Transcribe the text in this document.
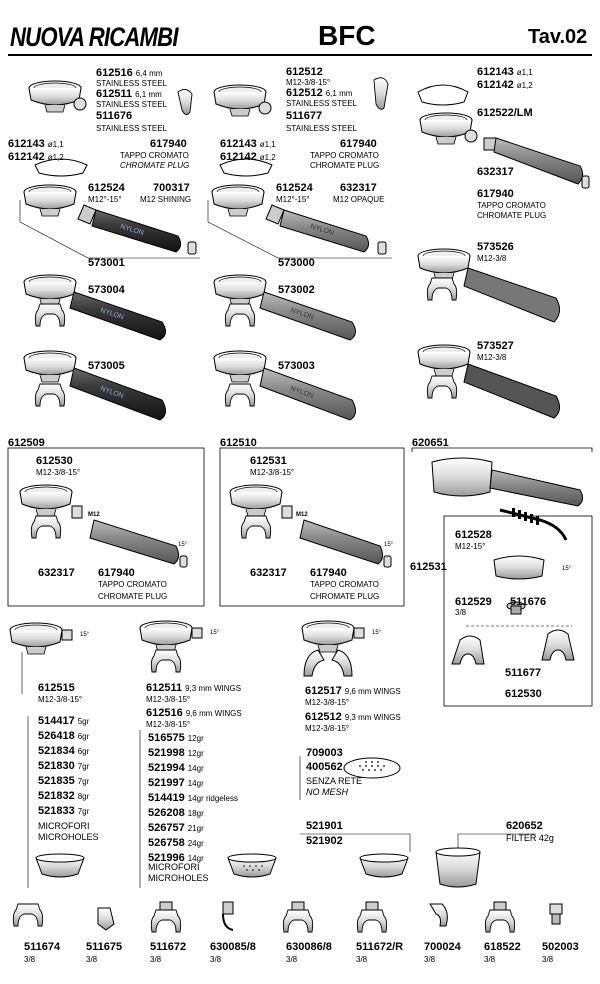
NUOVA RICAMBI	BFC	Tav.02
NYLON	NYLON
NYLON	NYLON
NYLON	NYLON
M12
15°
M12
15°
15°
15°	15°	15°
MICROFORI
MICROHOLES
MICROFORI
MICROHOLES
709003
400562
SENZA RETE
NO MESH
521901
521902
620652
FILTER 42g
612516 6,4 mm
STAINLESS STEEL
612511 6,1 mm
STAINLESS STEEL
511676
STAINLESS STEEL
612512
M12-3/8-15°
612512 6,1 mm
STAINLESS STEEL
511677
STAINLESS STEEL
612143 ø1,1
612142 ø1,2
612522/LM
632317
617940
TAPPO CROMATO
CHROMATE PLUG
612143 ø1,1
612142 ø1,2
617940
TAPPO CROMATO
CHROMATE PLUG
612524
M12°-15°
700317
M12 SHINING
573001
612143 ø1,1
612142 ø1,2
617940
TAPPO CROMATO
CHROMATE PLUG
612524
M12°-15°
632317
M12 OPAQUE
573000
573004	573002
573005	573003
573526
M12-3/8
573527
M12-3/8
612509
612530
M12-3/8-15°
632317 617940
TAPPO CROMATO
CHROMATE PLUG
612510
612531
M12-3/8-15°
632317 617940
TAPPO CROMATO
CHROMATE PLUG
620651
612528
M12-15°
612531
612529
3/8
511676
511677
612530
612515
M12-3/8-15°
612511 9,3 mm WINGS
M12-3/8-15°
612516 9,6 mm WINGS
M12-3/8-15°
612517 9,6 mm WINGS
M12-3/8-15°
612512 9,3 mm WINGS
M12-3/8-15°
514417 5gr
526418 6gr
521834 6gr
521830 7gr
521835 7gr
521832 8gr
521833 7gr
516575 12gr
521998 12gr
521994 14gr
521997 14gr
514419 14gr ridgeless
526208 18gr
526757 21gr
526758 24gr
521996 14gr
511674
3/8
511675
3/8
511672
3/8
630085/8
3/8
630086/8
3/8
511672/R
3/8
700024
3/8
618522
3/8
502003
3/8
